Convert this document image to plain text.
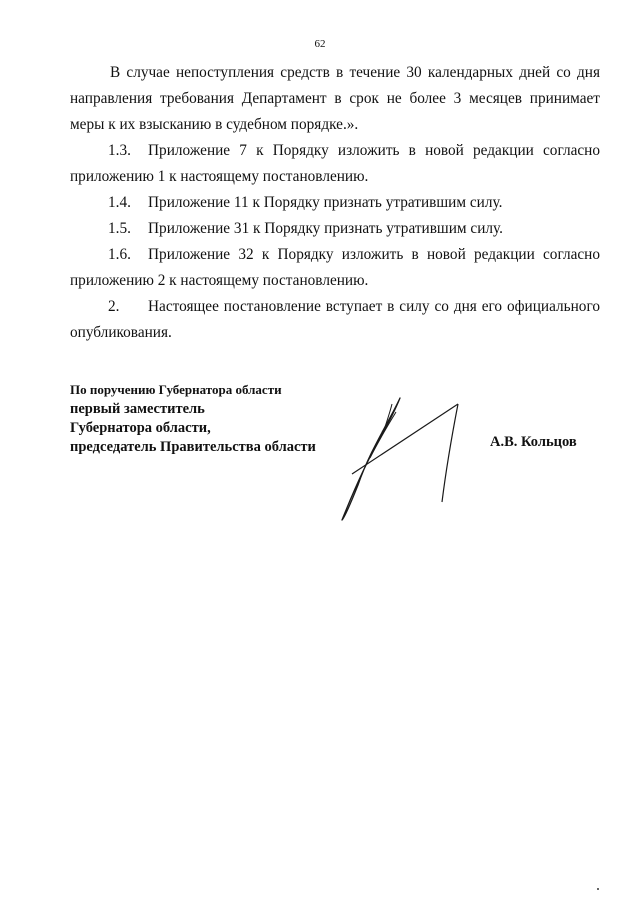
62

В случае непоступления средств в течение 30 календарных дней со дня направления требования Департамент в срок не более 3 месяцев принимает меры к их взысканию в судебном порядке.».

1.3. Приложение 7 к Порядку изложить в новой редакции согласно приложению 1 к настоящему постановлению.

1.4. Приложение 11 к Порядку признать утратившим силу.

1.5. Приложение 31 к Порядку признать утратившим силу.

1.6. Приложение 32 к Порядку изложить в новой редакции согласно приложению 2 к настоящему постановлению.

2. Настоящее постановление вступает в силу со дня его официального опубликования.

По поручению Губернатора области
первый заместитель
Губернатора области,
председатель Правительства области	А.В. Кольцов
